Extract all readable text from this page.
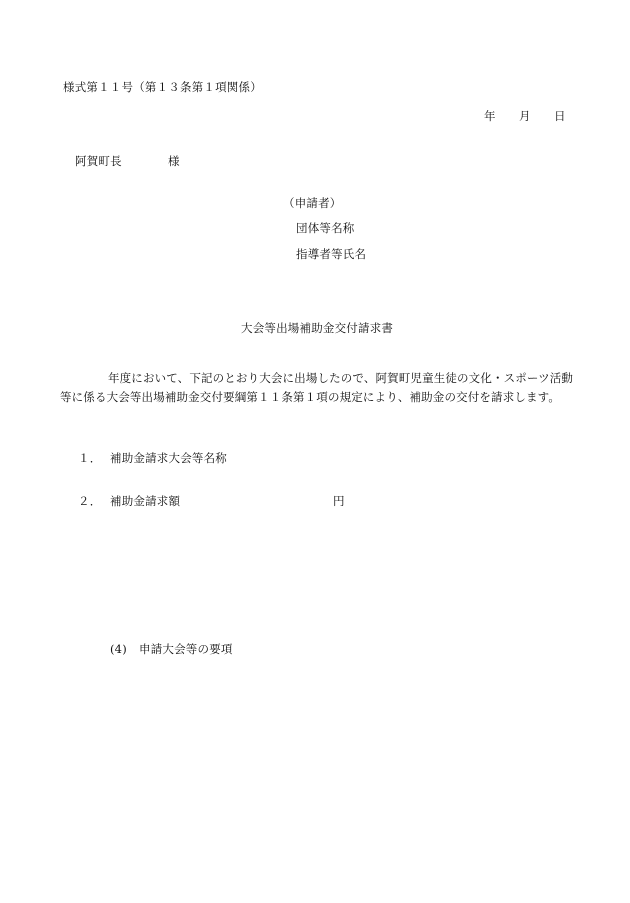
様式第１１号（第１３条第１項関係）
年 月 日
阿賀町長	様
（申請者）
団体等名称
指導者等氏名
大会等出場補助金交付請求書
年度において、下記のとおり大会に出場したので、阿賀町児童生徒の文化・スポーツ活動等に係る大会等出場補助金交付要綱第１１条第１項の規定により、補助金の交付を請求します。
１． 補助金請求大会等名称
２． 補助金請求額	円
(4) 申請大会等の要項
